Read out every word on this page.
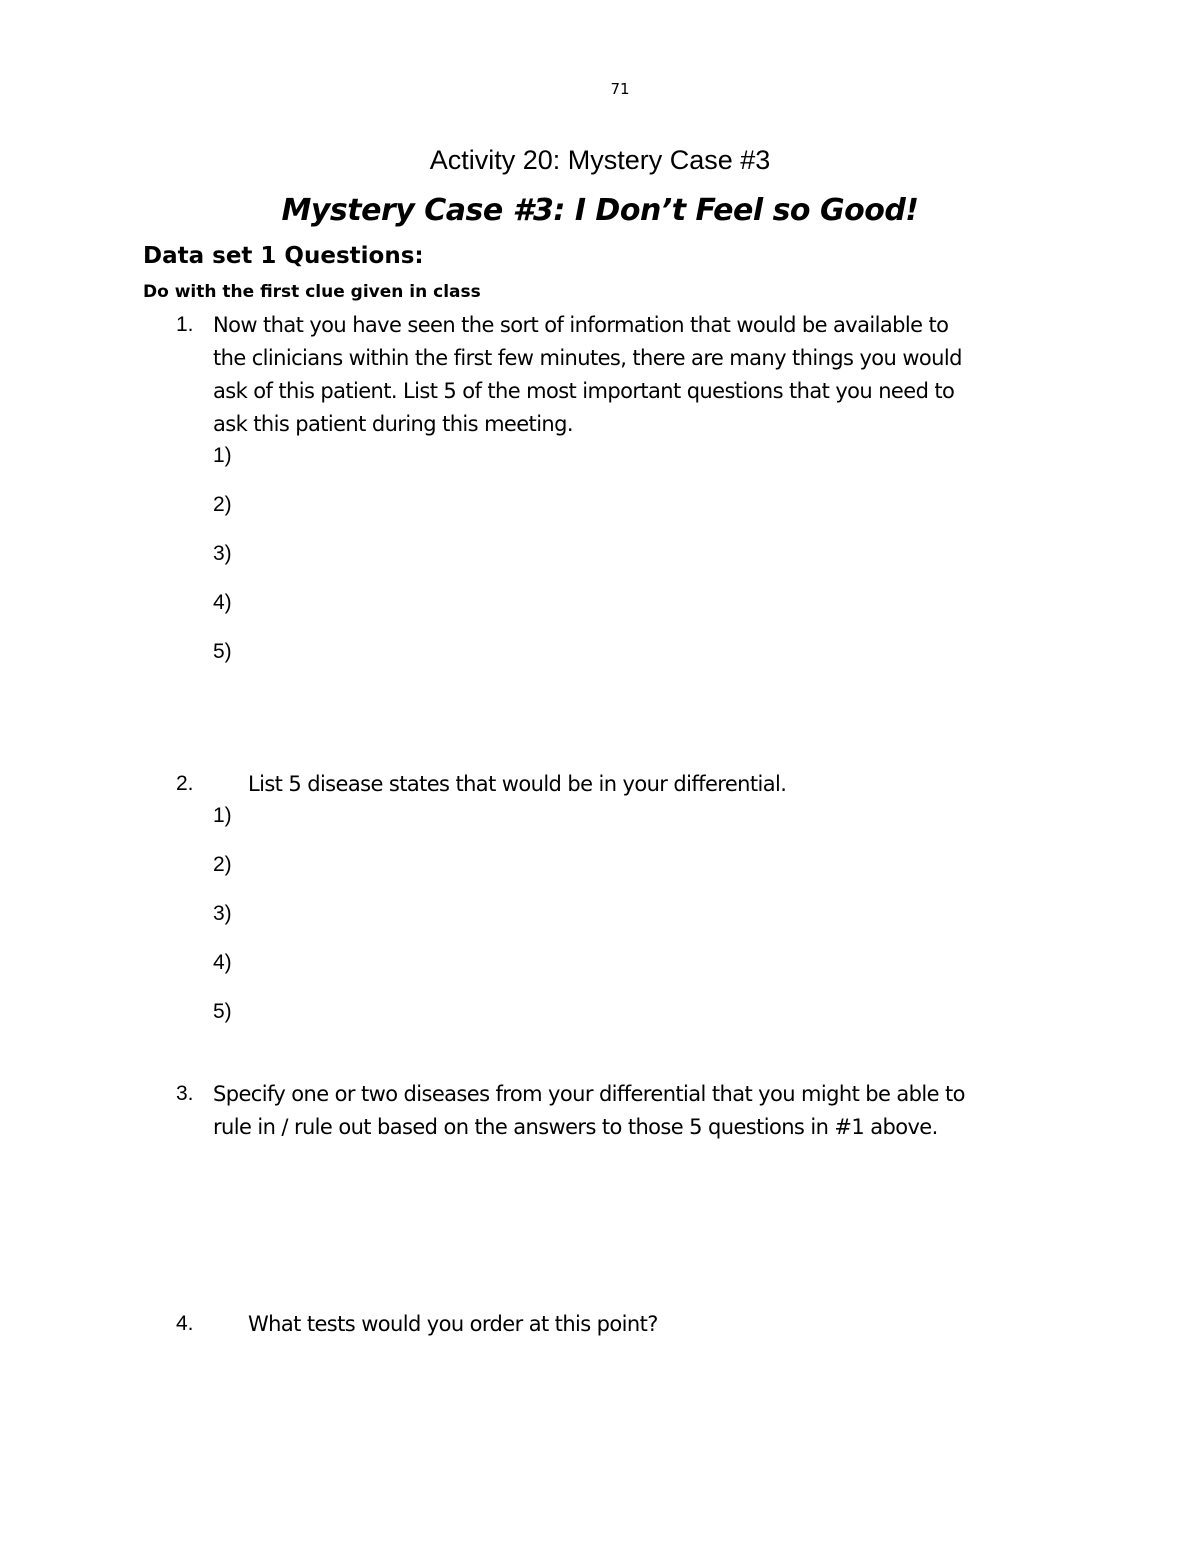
71
Activity 20: Mystery Case #3
Mystery Case #3: I Don’t Feel so Good!
Data set 1 Questions:
Do with the first clue given in class
1. Now that you have seen the sort of information that would be available to
the clinicians within the first few minutes, there are many things you would
ask of this patient. List 5 of the most important questions that you need to
ask this patient during this meeting.
1)
2)
3)
4)
5)
2.	List 5 disease states that would be in your differential.
1)
2)
3)
4)
5)
3. Specify one or two diseases from your differential that you might be able to
rule in / rule out based on the answers to those 5 questions in #1 above.
4.	What tests would you order at this point?
